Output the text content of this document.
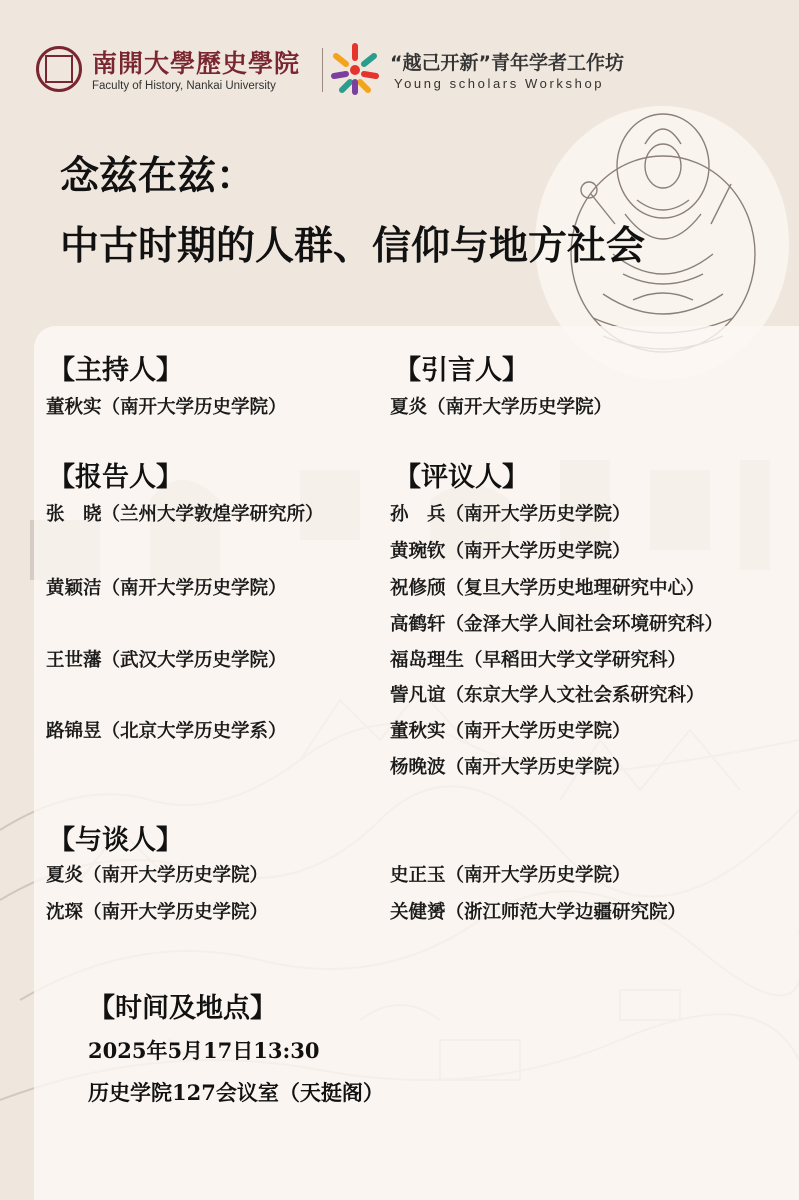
南開大學歷史學院
Faculty of History, Nankai University
“越己开新”青年学者工作坊
Young scholars Workshop
念兹在兹：
中古时期的人群、信仰与地方社会
【主持人】
董秋实（南开大学历史学院）
【引言人】
夏炎（南开大学历史学院）
【报告人】
张　晓（兰州大学敦煌学研究所）
黄颖洁（南开大学历史学院）
王世藩（武汉大学历史学院）
路锦昱（北京大学历史学系）
【评议人】
孙　兵（南开大学历史学院）
黄琬钦（南开大学历史学院）
祝修颀（复旦大学历史地理研究中心）
高鹤轩（金泽大学人间社会环境研究科）
福岛理生（早稻田大学文学研究科）
訾凡谊（东京大学人文社会系研究科）
董秋实（南开大学历史学院）
杨晚波（南开大学历史学院）
【与谈人】
夏炎（南开大学历史学院）
沈琛（南开大学历史学院）
史正玉（南开大学历史学院）
关健赟（浙江师范大学边疆研究院）
【时间及地点】
2025年5月17日13:30
历史学院127会议室（天挺阁）
